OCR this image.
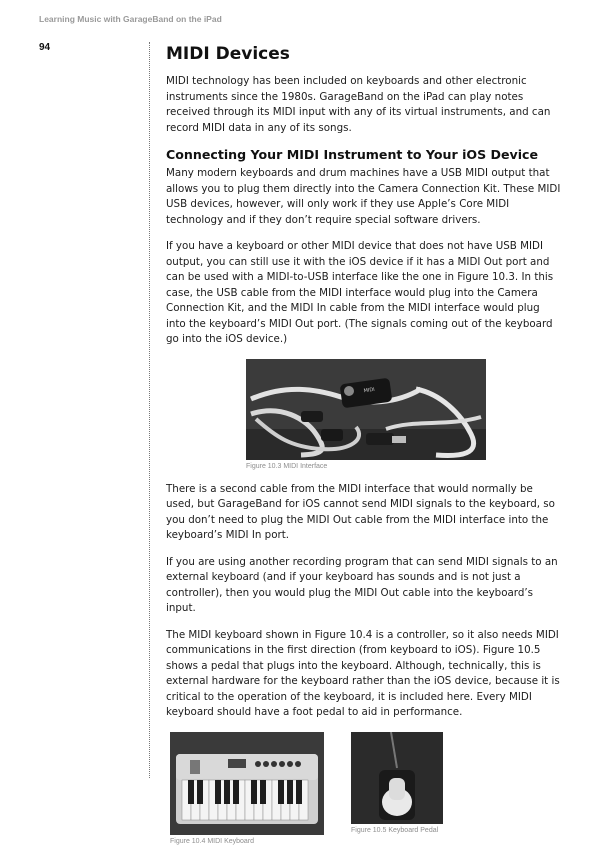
Learning Music with GarageBand on the iPad
94	MIDI Devices

MIDI technology has been included on keyboards and other electronic instruments since the 1980s. GarageBand on the iPad can play notes received through its MIDI input with any of its virtual instruments, and can record MIDI data in any of its songs.

Connecting Your MIDI Instrument to Your iOS Device

Many modern keyboards and drum machines have a USB MIDI output that allows you to plug them directly into the Camera Connection Kit. These MIDI USB devices, however, will only work if they use Apple’s Core MIDI technology and if they don’t require special software drivers.

If you have a keyboard or other MIDI device that does not have USB MIDI output, you can still use it with the iOS device if it has a MIDI Out port and can be used with a MIDI-to-USB interface like the one in Figure 10.3. In this case, the USB cable from the MIDI interface would plug into the Camera Connection Kit, and the MIDI In cable from the MIDI interface would plug into the keyboard’s MIDI Out port. (The signals coming out of the keyboard go into the iOS device.)

MIDI
Figure 10.3 MIDI Interface

There is a second cable from the MIDI interface that would normally be used, but GarageBand for iOS cannot send MIDI signals to the keyboard, so you don’t need to plug the MIDI Out cable from the MIDI interface into the keyboard’s MIDI In port.

If you are using another recording program that can send MIDI signals to an external keyboard (and if your keyboard has sounds and is not just a controller), then you would plug the MIDI Out cable into the keyboard’s input.

The MIDI keyboard shown in Figure 10.4 is a controller, so it also needs MIDI communications in the first direction (from keyboard to iOS). Figure 10.5 shows a pedal that plugs into the keyboard. Although, technically, this is external hardware for the keyboard rather than the iOS device, because it is critical to the operation of the keyboard, it is included here. Every MIDI keyboard should have a foot pedal to aid in performance.

Figure 10.4 MIDI Keyboard
Figure 10.5 Keyboard Pedal
